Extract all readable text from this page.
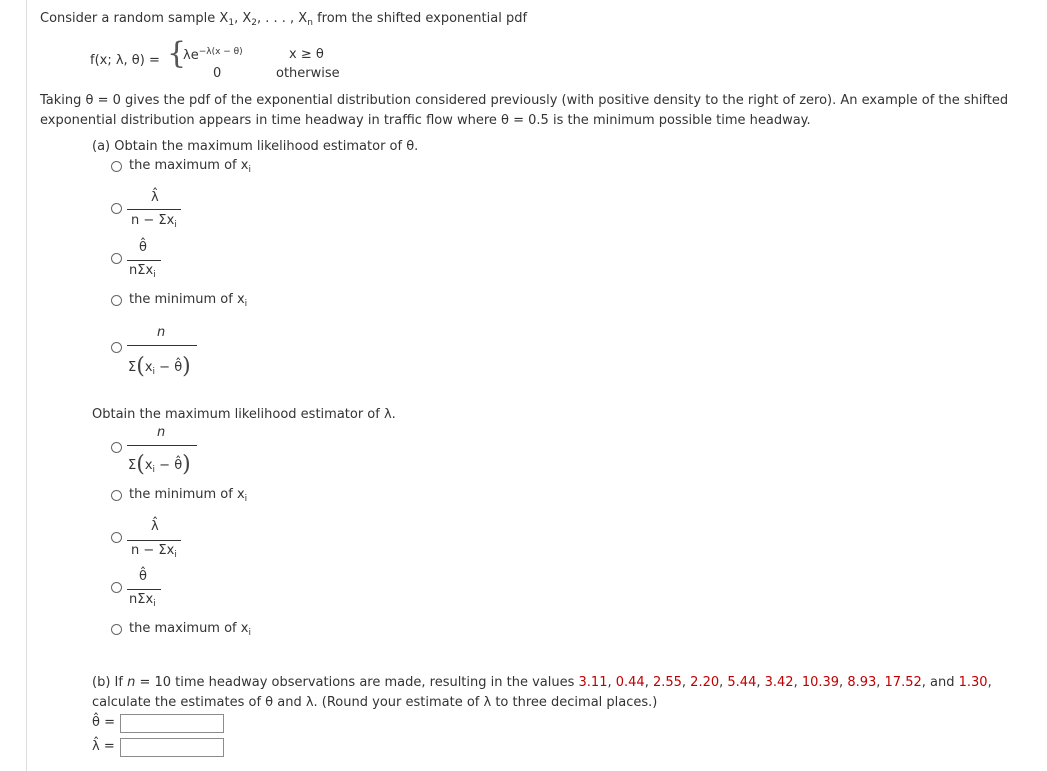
Consider a random sample $X_1$, $X_2$, . . . , $X_n$ from the shifted exponential pdf
f(x; λ, θ) = {
$\lambda e^{-\lambda(x - \theta)}$	x ≥ θ
0	otherwise
Taking θ = 0 gives the pdf of the exponential distribution considered previously (with positive density to the right of zero). An example of the shifted
exponential distribution appears in time headway in traffic flow where θ = 0.5 is the minimum possible time headway.
(a) Obtain the maximum likelihood estimator of θ.
the maximum of $x_i$
λ̂
$n - \Sigma x_i$
θ̂
nΣx$_i$
the minimum of $x_i$
n
$\Sigma(x_i$ − θ̂)
Obtain the maximum likelihood estimator of λ.
n
$\Sigma(x_i$ − θ̂)
the minimum of $x_i$
λ̂
$n - \Sigma x_i$
θ̂
nΣx$_i$
the maximum of $x_i$
(b) If n = 10 time headway observations are made, resulting in the values 3.11, 0.44, 2.55, 2.20, 5.44, 3.42, 10.39, 8.93, 17.52, and 1.30,
calculate the estimates of θ and λ. (Round your estimate of λ to three decimal places.)
θ̂ =
λ̂ =
